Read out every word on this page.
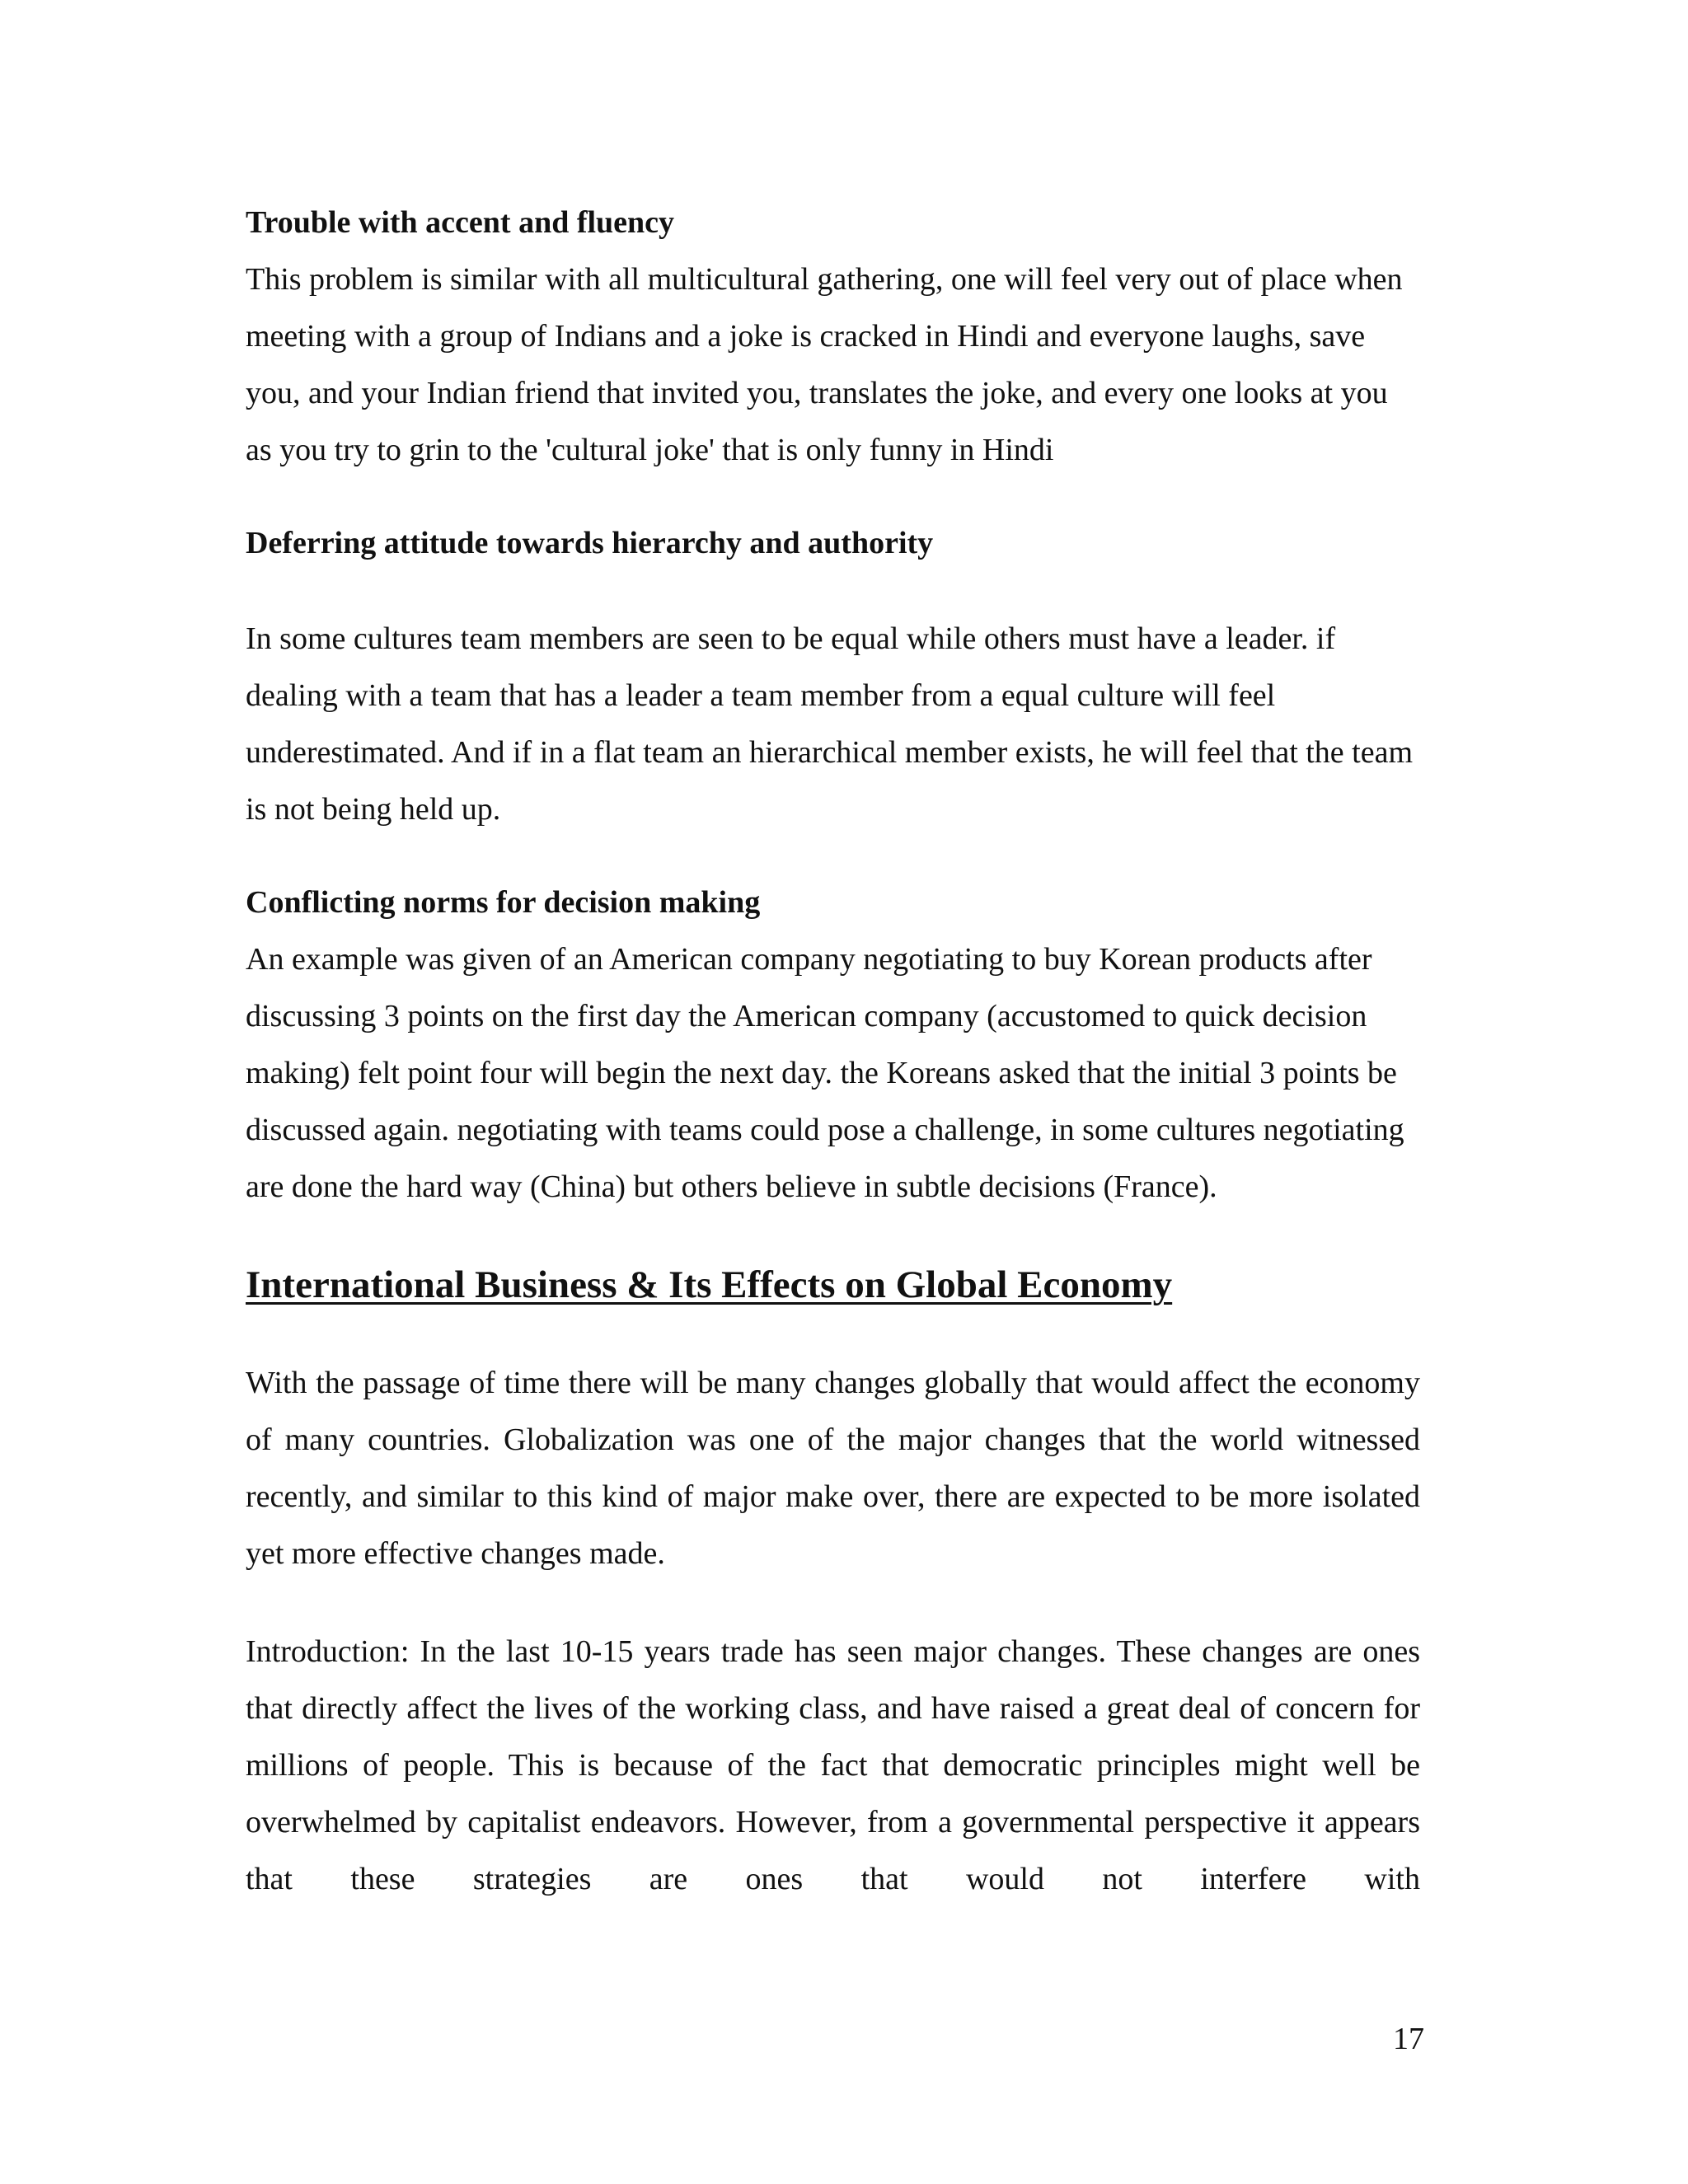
Trouble with accent and fluency

This problem is similar with all multicultural gathering, one will feel very out of place when meeting with a group of Indians and a joke is cracked in Hindi and everyone laughs, save you, and your Indian friend that invited you, translates the joke, and every one looks at you as you try to grin to the 'cultural joke' that is only funny in Hindi

Deferring attitude towards hierarchy and authority

In some cultures team members are seen to be equal while others must have a leader. if dealing with a team that has a leader a team member from a equal culture will feel underestimated. And if in a flat team an hierarchical member exists, he will feel that the team is not being held up.

Conflicting norms for decision making

An example was given of an American company negotiating to buy Korean products after discussing 3 points on the first day the American company (accustomed to quick decision making) felt point four will begin the next day. the Koreans asked that the initial 3 points be discussed again. negotiating with teams could pose a challenge, in some cultures negotiating are done the hard way (China) but others believe in subtle decisions (France).

International Business & Its Effects on Global Economy

With the passage of time there will be many changes globally that would affect the economy of many countries. Globalization was one of the major changes that the world witnessed recently, and similar to this kind of major make over, there are expected to be more isolated yet more effective changes made.

Introduction: In the last 10-15 years trade has seen major changes. These changes are ones that directly affect the lives of the working class, and have raised a great deal of concern for millions of people. This is because of the fact that democratic principles might well be overwhelmed by capitalist endeavors. However, from a governmental perspective it appears that these strategies are ones that would not interfere with

17
